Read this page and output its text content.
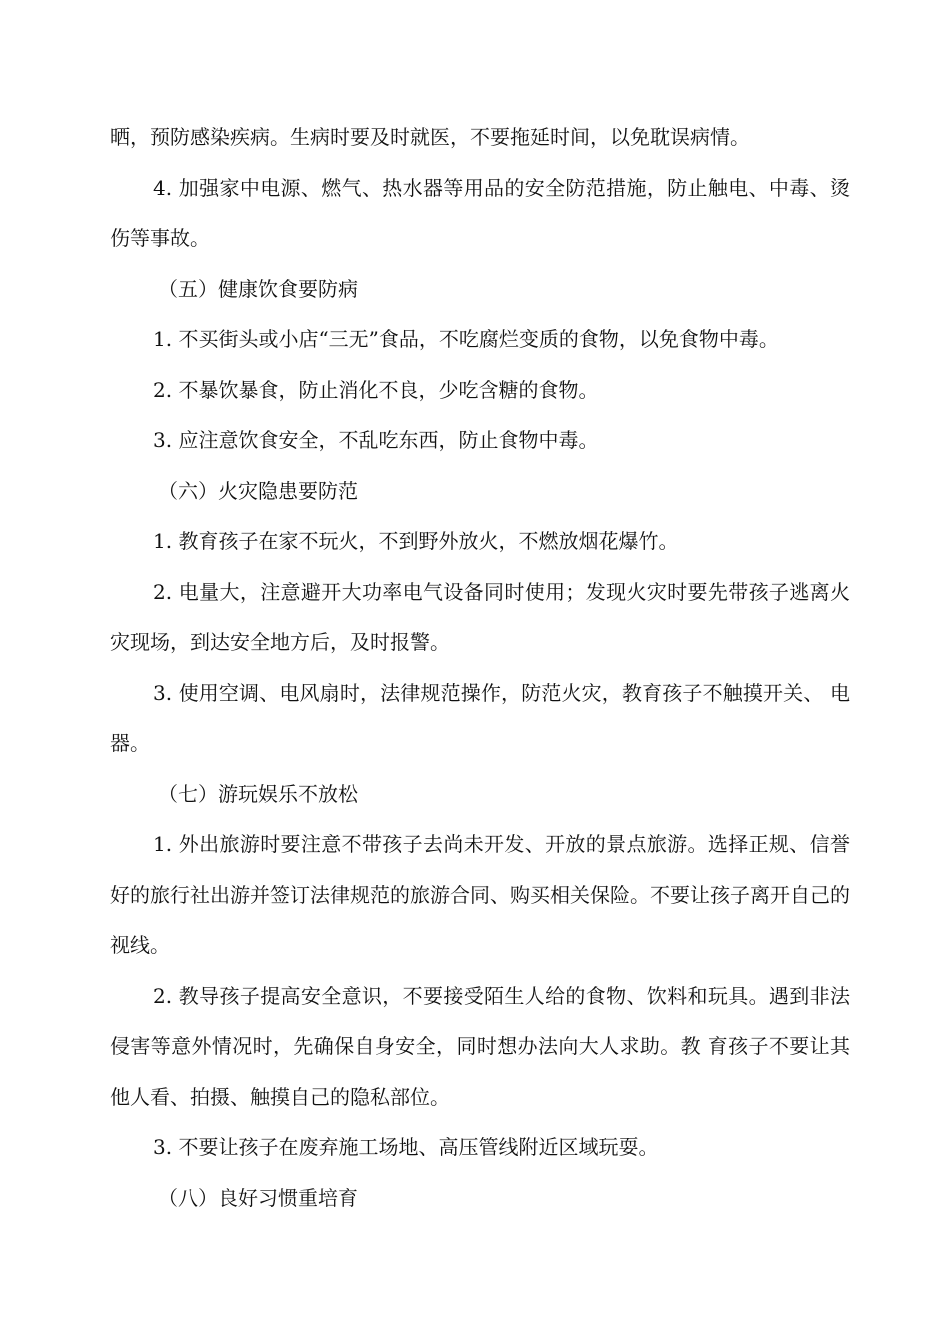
晒，预防感染疾病。生病时要及时就医，不要拖延时间，以免耽误病情。

4. 加强家中电源、燃气、热水器等用品的安全防范措施，防止触电、中毒、烫伤等事故。

（五）健康饮食要防病

1. 不买街头或小店“三无”食品，不吃腐烂变质的食物，以免食物中毒。

2. 不暴饮暴食，防止消化不良，少吃含糖的食物。

3. 应注意饮食安全，不乱吃东西，防止食物中毒。

（六）火灾隐患要防范

1. 教育孩子在家不玩火，不到野外放火，不燃放烟花爆竹。

2. 电量大，注意避开大功率电气设备同时使用；发现火灾时要先带孩子逃离火灾现场，到达安全地方后，及时报警。

3. 使用空调、电风扇时，法律规范操作，防范火灾，教育孩子不触摸开关、 电器。

（七）游玩娱乐不放松

1. 外出旅游时要注意不带孩子去尚未开发、开放的景点旅游。选择正规、信誉好的旅行社出游并签订法律规范的旅游合同、购买相关保险。不要让孩子离开自己的视线。

2. 教导孩子提高安全意识，不要接受陌生人给的食物、饮料和玩具。遇到非法侵害等意外情况时，先确保自身安全，同时想办法向大人求助。教 育孩子不要让其他人看、拍摄、触摸自己的隐私部位。

3. 不要让孩子在废弃施工场地、高压管线附近区域玩耍。

（八）良好习惯重培育
